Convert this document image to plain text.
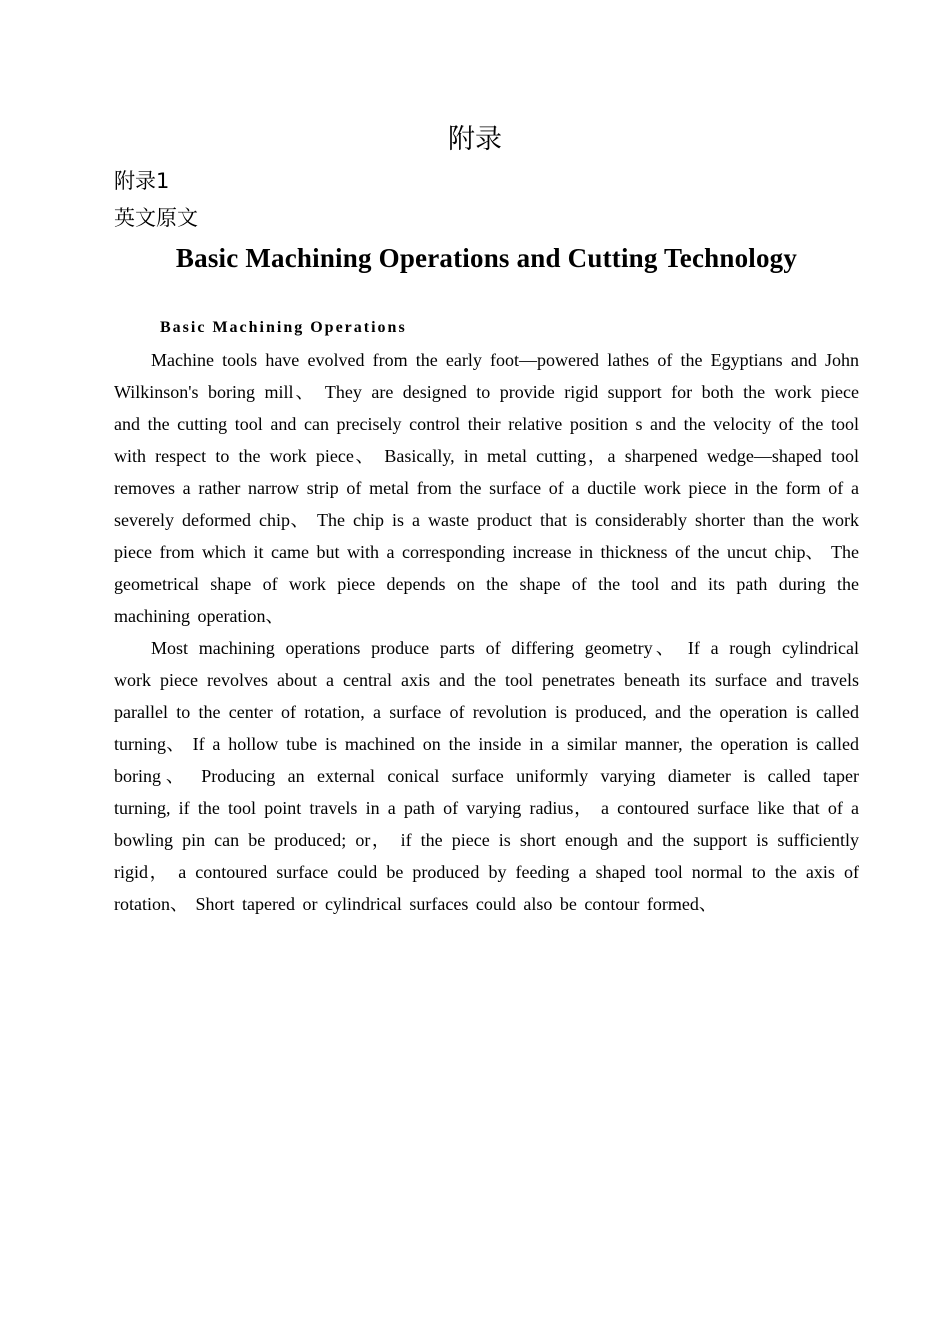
附录
附录1
英文原文
Basic Machining Operations and Cutting Technology
Basic Machining Operations

Machine tools have evolved from the early foot—powered lathes of the Egyptians and John Wilkinson's boring mill、 They are designed to provide rigid support for both the work piece and the cutting tool and can precisely control their relative position s and the velocity of the tool with respect to the work piece、 Basically, in metal cutting，a sharpened wedge—shaped tool removes a rather narrow strip of metal from the surface of a ductile work piece in the form of a severely deformed chip、 The chip is a waste product that is considerably shorter than the work piece from which it came but with a corresponding increase in thickness of the uncut chip、 The geometrical shape of work piece depends on the shape of the tool and its path during the machining operation、

Most machining operations produce parts of differing geometry、 If a rough cylindrical work piece revolves about a central axis and the tool penetrates beneath its surface and travels parallel to the center of rotation, a surface of revolution is produced, and the operation is called turning、 If a hollow tube is machined on the inside in a similar manner, the operation is called boring、 Producing an external conical surface uniformly varying diameter is called taper turning, if the tool point travels in a path of varying radius， a contoured surface like that of a bowling pin can be produced; or， if the piece is short enough and the support is sufficiently rigid， a contoured surface could be produced by feeding a shaped tool normal to the axis of rotation、 Short tapered or cylindrical surfaces could also be contour formed、
